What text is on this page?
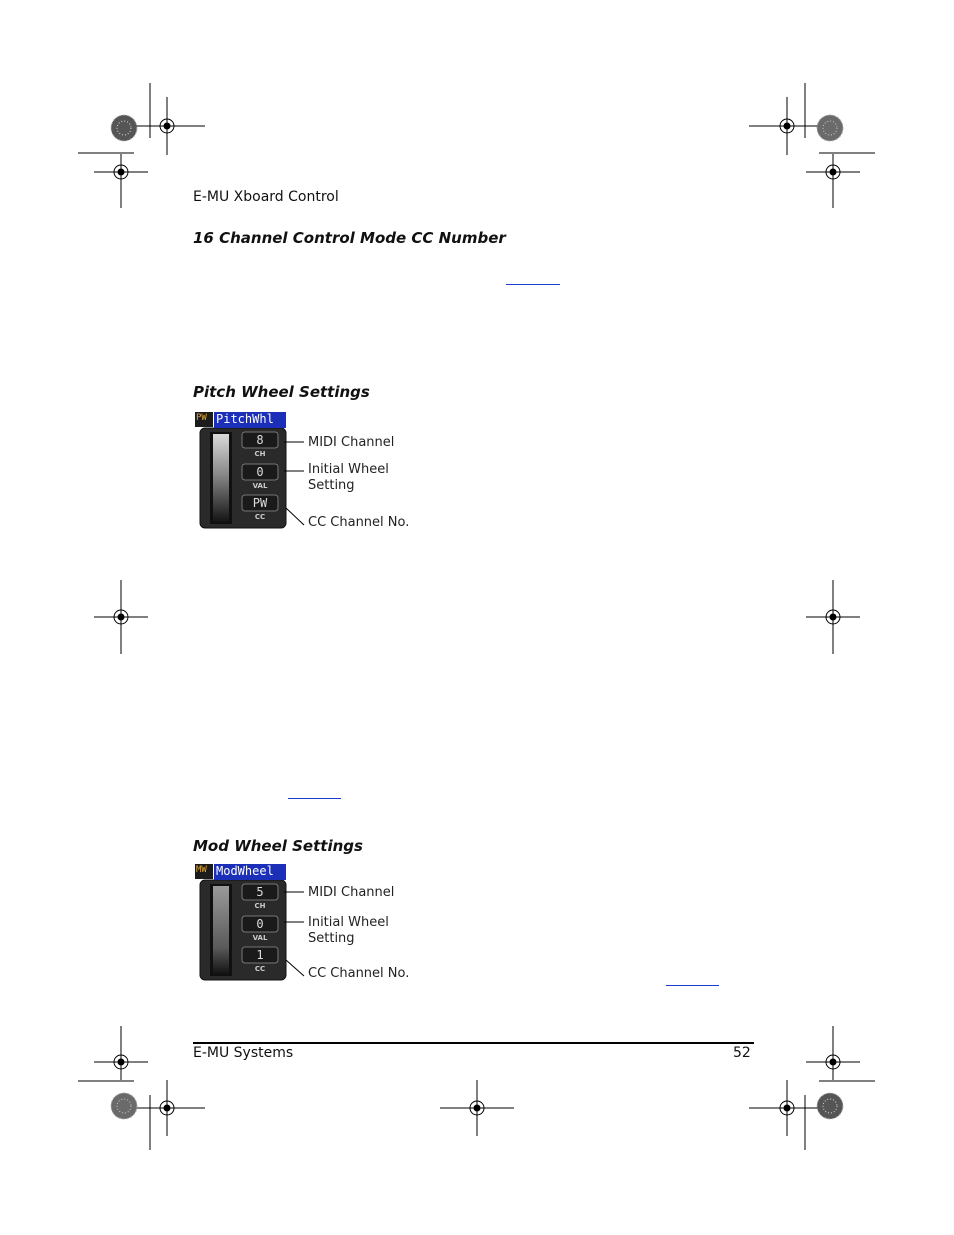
E-MU Xboard Control
16 Channel Control Mode CC Number
Pitch Wheel Settings
Mod Wheel Settings
PW PitchWhl
8
CH
0
VAL
PW
CC
MIDI Channel
Initial Wheel
Setting
CC Channel No.
MW ModWheel
5
CH
0
VAL
1
CC
MIDI Channel
Initial Wheel
Setting
CC Channel No.
E-MU Systems	52
